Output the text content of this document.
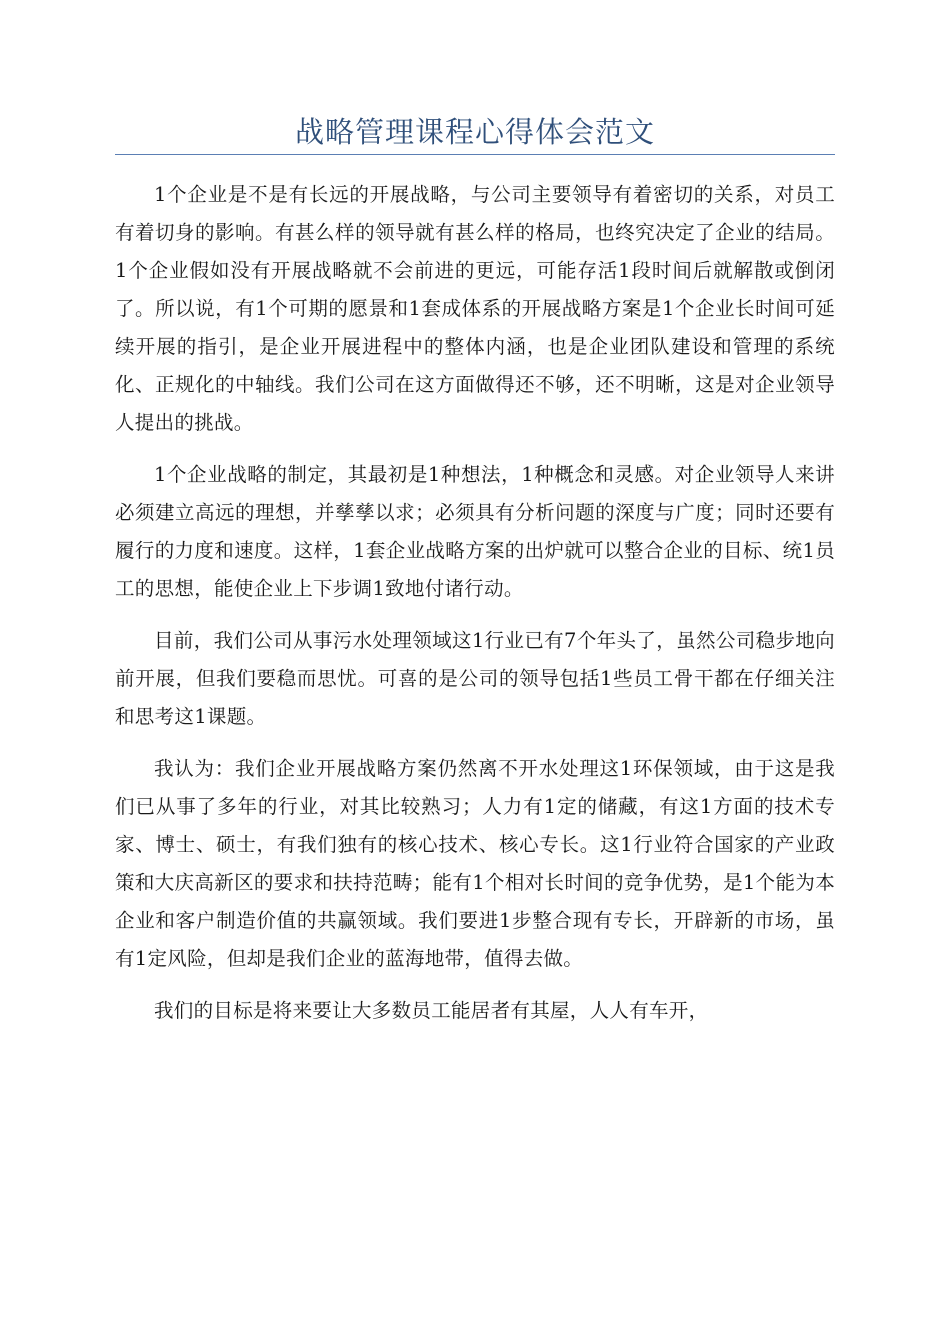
战略管理课程心得体会范文

1个企业是不是有长远的开展战略，与公司主要领导有着密切的关系，对员工有着切身的影响。有甚么样的领导就有甚么样的格局，也终究决定了企业的结局。1个企业假如没有开展战略就不会前进的更远，可能存活1段时间后就解散或倒闭了。所以说，有1个可期的愿景和1套成体系的开展战略方案是1个企业长时间可延续开展的指引，是企业开展进程中的整体内涵，也是企业团队建设和管理的系统化、正规化的中轴线。我们公司在这方面做得还不够，还不明晰，这是对企业领导人提出的挑战。

1个企业战略的制定，其最初是1种想法，1种概念和灵感。对企业领导人来讲必须建立高远的理想，并孳孳以求；必须具有分析问题的深度与广度；同时还要有履行的力度和速度。这样，1套企业战略方案的出炉就可以整合企业的目标、统1员工的思想，能使企业上下步调1致地付诸行动。

目前，我们公司从事污水处理领域这1行业已有7个年头了，虽然公司稳步地向前开展，但我们要稳而思忧。可喜的是公司的领导包括1些员工骨干都在仔细关注和思考这1课题。

我认为：我们企业开展战略方案仍然离不开水处理这1环保领域，由于这是我们已从事了多年的行业，对其比较熟习；人力有1定的储藏，有这1方面的技术专家、博士、硕士，有我们独有的核心技术、核心专长。这1行业符合国家的产业政策和大庆高新区的要求和扶持范畴；能有1个相对长时间的竞争优势，是1个能为本企业和客户制造价值的共赢领域。我们要进1步整合现有专长，开辟新的市场，虽有1定风险，但却是我们企业的蓝海地带，值得去做。

我们的目标是将来要让大多数员工能居者有其屋，人人有车开，
